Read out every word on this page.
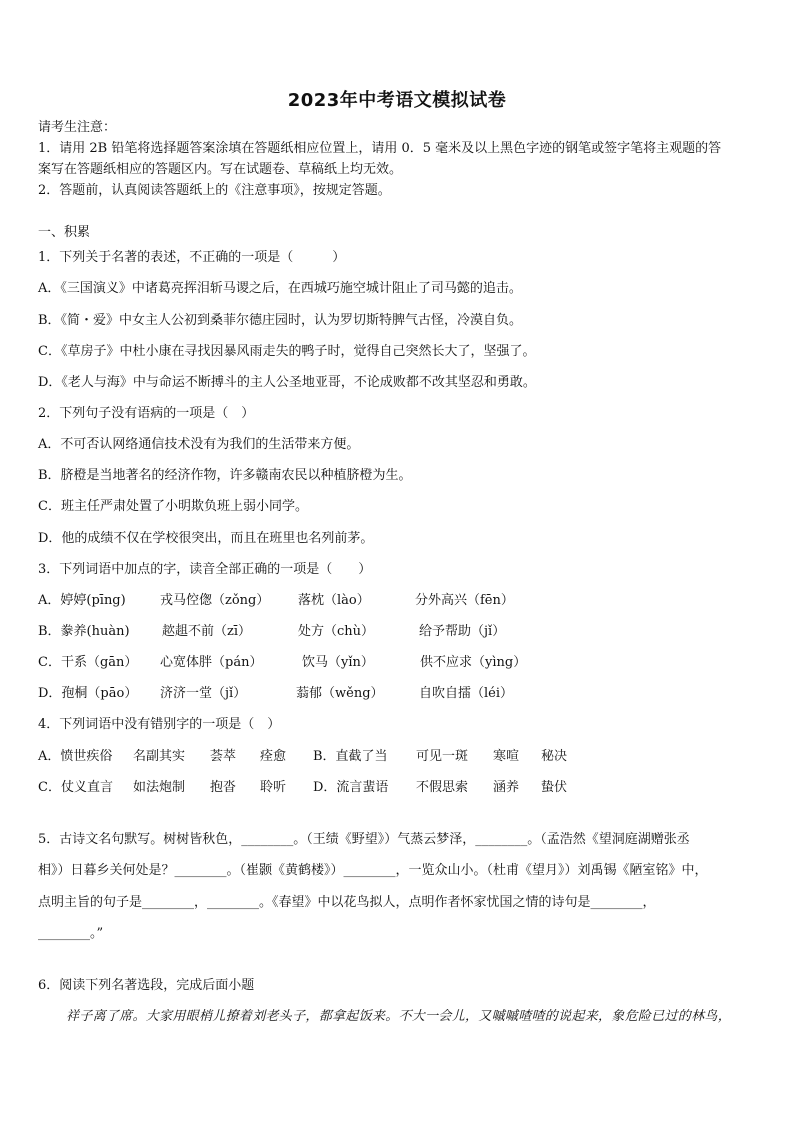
2023年中考语文模拟试卷
请考生注意：
1．请用 2B 铅笔将选择题答案涂填在答题纸相应位置上，请用 0．5 毫米及以上黑色字迹的钢笔或签字笔将主观题的答
案写在答题纸相应的答题区内。写在试题卷、草稿纸上均无效。
2．答题前，认真阅读答题纸上的《注意事项》，按规定答题。
一、积累
1．下列关于名著的表述，不正确的一项是（　　　）
A．《三国演义》中诸葛亮挥泪斩马谡之后，在西城巧施空城计阻止了司马懿的追击。
B．《简・爱》中女主人公初到桑菲尔德庄园时，认为罗切斯特脾气古怪，冷漠自负。
C．《草房子》中杜小康在寻找因暴风雨走失的鸭子时，觉得自己突然长大了，坚强了。
D．《老人与海》中与命运不断搏斗的主人公圣地亚哥，不论成败都不改其坚忍和勇敢。
2．下列句子没有语病的一项是（　）
A．不可否认网络通信技术没有为我们的生活带来方便。
B．脐橙是当地著名的经济作物，许多赣南农民以种植脐橙为生。
C．班主任严肃处置了小明欺负班上弱小同学。
D．他的成绩不仅在学校很突出，而且在班里也名列前茅。
3．下列词语中加点的字，读音全部正确的一项是（　　）
A．婷婷(pīng)	戎马倥偬（zǒng） 落枕（lào）	分外高兴（fēn）
B．豢养(huàn) 趑趄不前（zī）	处方（chù）	给予帮助（jǐ）
C．干系（gān） 心宽体胖（pán）	饮马（yǐn）	供不应求（yìng）
D．孢桐（pāo） 济济一堂（jǐ）	蓊郁（wěng）	自吹自擂（léi）
4．下列词语中没有错别字的一项是（　）
A．愤世疾俗 名副其实 荟萃 痊愈 B．直截了当 可见一斑 寒喧 秘决
C．仗义直言 如法炮制 抱沓 聆听 D．流言蜚语 不假思索 涵养 蛰伏
5．古诗文名句默写。树树皆秋色，________。（王绩《野望》）气蒸云梦泽，________。（孟浩然《望洞庭湖赠张丞
相》）日暮乡关何处是？________。（崔颢《黄鹤楼》）________，一览众山小。（杜甫《望月》）刘禹锡《陋室铭》中，
点明主旨的句子是________，________。《春望》中以花鸟拟人，点明作者怀家忧国之情的诗句是________，
________。”
6．阅读下列名著选段，完成后面小题
祥子离了席。大家用眼梢儿撩着刘老头子，都拿起饭来。不大一会儿，又嘁嘁喳喳的说起来，象危险已过的林鸟，
